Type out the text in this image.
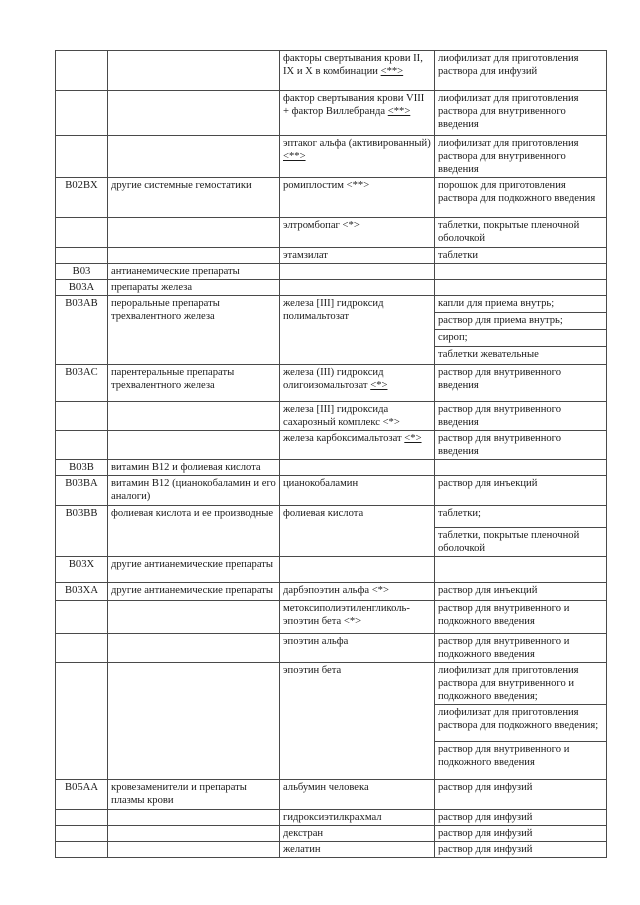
		факторы свертывания крови II, IX и X в комбинации <**>	лиофилизат для приготовления раствора для инфузий
		фактор свертывания крови VIII + фактор Виллебранда <**>	лиофилизат для приготовления раствора для внутривенного введения
		эптаког альфа (активированный) <**>	лиофилизат для приготовления раствора для внутривенного введения
B02BX	другие системные гемостатики	ромиплостим <**>	порошок для приготовления раствора для подкожного введения
		элтромбопаг <*>	таблетки, покрытые пленочной оболочкой
		этамзилат	таблетки
B03	антианемические препараты		
B03A	препараты железа		
B03AB	пероральные препараты трехвалентного железа	железа [III] гидроксид полимальтозат	капли для приема внутрь;
			раствор для приема внутрь;
			сироп;
			таблетки жевательные
B03AC	парентеральные препараты трехвалентного железа	железа (III) гидроксид олигоизомальтозат <*>	раствор для внутривенного введения
		железа [III] гидроксида сахарозный комплекс <*>	раствор для внутривенного введения
		железа карбоксимальтозат <*>	раствор для внутривенного введения
B03B	витамин B12 и фолиевая кислота		
B03BA	витамин B12 (цианокобаламин и его аналоги)	цианокобаламин	раствор для инъекций
B03BB	фолиевая кислота и ее производные	фолиевая кислота	таблетки;
			таблетки, покрытые пленочной оболочкой
B03X	другие антианемические препараты		
B03XA	другие антианемические препараты	дарбэпоэтин альфа <*>	раствор для инъекций
		метоксиполиэтиленгликоль-эпоэтин бета <*>	раствор для внутривенного и подкожного введения
		эпоэтин альфа	раствор для внутривенного и подкожного введения
		эпоэтин бета	лиофилизат для приготовления раствора для внутривенного и подкожного введения;
			лиофилизат для приготовления раствора для подкожного введения;
			раствор для внутривенного и подкожного введения
B05AA	кровезаменители и препараты плазмы крови	альбумин человека	раствор для инфузий
		гидроксиэтилкрахмал	раствор для инфузий
		декстран	раствор для инфузий
		желатин	раствор для инфузий
